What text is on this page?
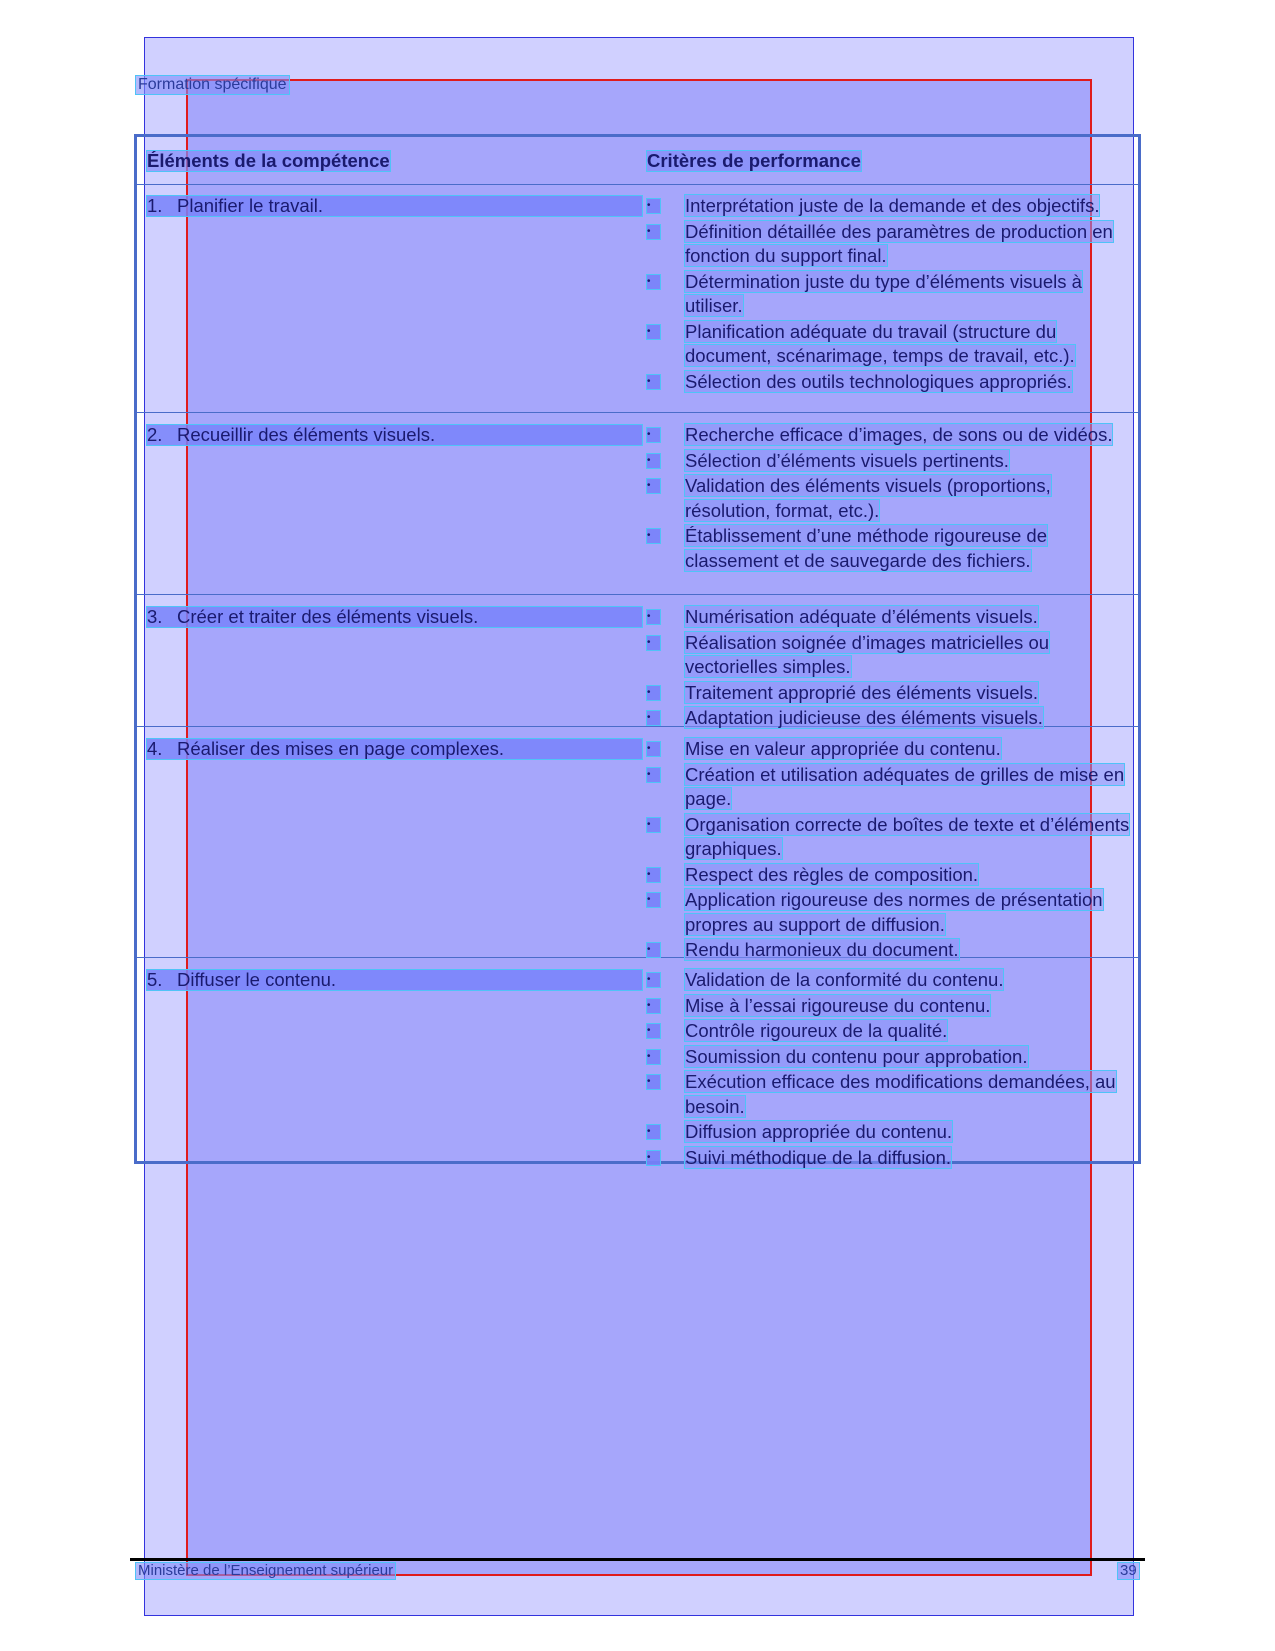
Formation spécifique
Éléments de la compétence	Critères de performance
1. Planifier le travail.	•	Interprétation juste de la demande et des objectifs.
•	Définition détaillée des paramètres de production en fonction du support final.
•	Détermination juste du type d’éléments visuels à utiliser.
•	Planification adéquate du travail (structure du document, scénarimage, temps de travail, etc.).
•	Sélection des outils technologiques appropriés.
2. Recueillir des éléments visuels.	•	Recherche efficace d’images, de sons ou de vidéos.
•	Sélection d’éléments visuels pertinents.
•	Validation des éléments visuels (proportions, résolution, format, etc.).
•	Établissement d’une méthode rigoureuse de classement et de sauvegarde des fichiers.
3. Créer et traiter des éléments visuels.	•	Numérisation adéquate d’éléments visuels.
•	Réalisation soignée d’images matricielles ou vectorielles simples.
•	Traitement approprié des éléments visuels.
•	Adaptation judicieuse des éléments visuels.
4. Réaliser des mises en page complexes.	•	Mise en valeur appropriée du contenu.
•	Création et utilisation adéquates de grilles de mise en page.
•	Organisation correcte de boîtes de texte et d’éléments graphiques.
•	Respect des règles de composition.
•	Application rigoureuse des normes de présentation propres au support de diffusion.
•	Rendu harmonieux du document.
5. Diffuser le contenu.	•	Validation de la conformité du contenu.
•	Mise à l’essai rigoureuse du contenu.
•	Contrôle rigoureux de la qualité.
•	Soumission du contenu pour approbation.
•	Exécution efficace des modifications demandées, au besoin.
•	Diffusion appropriée du contenu.
•	Suivi méthodique de la diffusion.
Ministère de l’Enseignement supérieur	39
